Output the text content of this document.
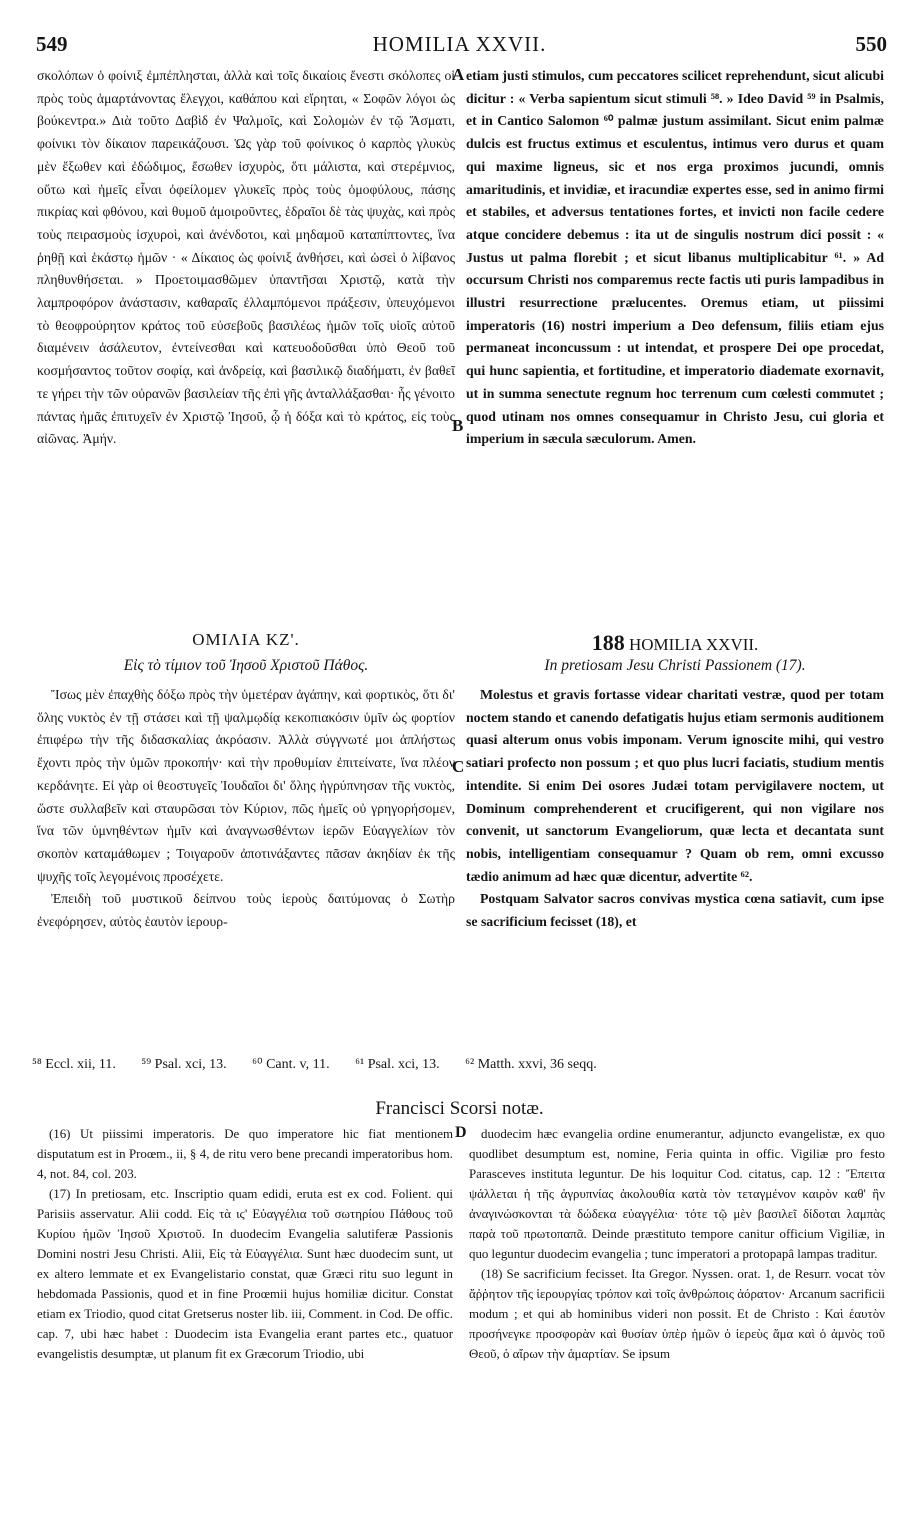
549	HOMILIA XXVII.	550

σκολόπων ὁ φοίνιξ ἐμπέπλησται, ἀλλὰ καὶ τοῖς δικαίοις ἔνεστι σκόλοπες οἱ πρὸς τοὺς ἁμαρτάνοντας ἔλεγχοι, καθάπου καὶ εἴρηται, « Σοφῶν λόγοι ὡς βούκεντρα.» Διὰ τοῦτο Δαβὶδ ἐν Ψαλμοῖς, καὶ Σολομὼν ἐν τῷ Ἄσματι, φοίνικι τὸν δίκαιον παρεικάζουσι. Ὡς γὰρ τοῦ φοίνικος ὁ καρπὸς γλυκὺς μὲν ἔξωθεν καὶ ἐδώδιμος, ἔσωθεν ἰσχυρὸς, ὅτι μάλιστα, καὶ στερέμνιος, οὕτω καὶ ἡμεῖς εἶναι ὀφείλομεν γλυκεῖς πρὸς τοὺς ὁμοφύλους, πάσης πικρίας καὶ φθόνου, καὶ θυμοῦ ἀμοιροῦντες, ἑδραῖοι δὲ τὰς ψυχὰς, καὶ πρὸς τοὺς πειρασμοὺς ἰσχυροὶ, καὶ ἀνένδοτοι, καὶ μηδαμοῦ καταπίπτοντες, ἵνα ῥηθῇ καὶ ἑκάστῳ ἡμῶν · « Δίκαιος ὡς φοίνιξ ἀνθήσει, καὶ ὡσεὶ ὁ λίβανος πληθυνθήσεται. » Προετοιμασθῶμεν ὑπαντῆσαι Χριστῷ, κατὰ τὴν λαμπροφόρον ἀνάστασιν, καθαραῖς ἐλλαμπόμενοι πράξεσιν, ὑπευχόμενοι τὸ θεοφρούρητον κράτος τοῦ εὐσεβοῦς βασιλέως ἡμῶν τοῖς υἱοῖς αὐτοῦ διαμένειν ἀσάλευτον, ἐντείνεσθαι καὶ κατευοδοῦσθαι ὑπὸ Θεοῦ τοῦ κοσμήσαντος τοῦτον σοφίᾳ, καὶ ἀνδρείᾳ, καὶ βασιλικῷ διαδήματι, ἐν βαθεῖ τε γήρει τὴν τῶν οὐρανῶν βασιλείαν τῆς ἐπὶ γῆς ἀνταλλάξασθαι· ἧς γένοιτο πάντας ἡμᾶς ἐπιτυχεῖν ἐν Χριστῷ Ἰησοῦ, ᾧ ἡ δόξα καὶ τὸ κράτος, εἰς τοὺς αἰῶνας. Ἀμήν.

A etiam justi stimulos, cum peccatores scilicet reprehendunt, sicut alicubi dicitur : « Verba sapientum sicut stimuli ⁵⁸. » Ideo David ⁵⁹ in Psalmis, et in Cantico Salomon ⁶⁰ palmæ justum assimilant. Sicut enim palmæ dulcis est fructus extimus et esculentus, intimus vero durus et quam qui maxime ligneus, sic et nos erga proximos jucundi, omnis amaritudinis, et invidiæ, et iracundiæ expertes esse, sed in animo firmi et stabiles, et adversus tentationes fortes, et invicti non facile cedere atque concidere debemus : ita ut de singulis nostrum dici possit : « Justus ut palma florebit ; et sicut libanus multiplicabitur ⁶¹. » Ad occursum Christi nos comparemus recte factis uti puris lampadibus in illustri resurrectione prælucentes. Oremus etiam, ut piissimi imperatoris (16) nostri imperium a Deo defensum, filiis etiam ejus permaneat inconcussum : ut intendat, et prospere Dei ope procedat, qui hunc sapientia, et fortitudine, et imperatorio diademate exornavit, ut in summa senectute regnum hoc terrenum cum cœlesti commutet ; quod utinam nos omnes consequamur in Christo Jesu, cui gloria et imperium in sæcula sæculorum. Amen.

B
ΟΜΙΛΙΑ ΚΖ'.	188 HOMILIA XXVII.
Εἰς τὸ τίμιον τοῦ Ἰησοῦ Χριστοῦ Πάθος.	In pretiosam Jesu Christi Passionem (17).

Ἴσως μὲν ἐπαχθὴς δόξω πρὸς τὴν ὑμετέραν ἀγάπην, καὶ φορτικὸς, ὅτι δι' ὅλης νυκτὸς ἐν τῇ στάσει καὶ τῇ ψαλμῳδίᾳ κεκοπιακόσιν ὑμῖν ὡς φορτίον ἐπιφέρω τὴν τῆς διδασκαλίας ἀκρόασιν. Ἀλλὰ σύγγνωτέ μοι ἀπλήστως ἔχοντι πρὸς τὴν ὑμῶν προκοπήν· καὶ τὴν προθυμίαν ἐπιτείνατε, ἵνα πλέον κερδάνητε. Εἰ γὰρ οἱ θεοστυγεῖς Ἰουδαῖοι δι' ὅλης ἠγρύπνησαν τῆς νυκτὸς, ὥστε συλλαβεῖν καὶ σταυρῶσαι τὸν Κύριον, πῶς ἡμεῖς οὐ γρηγορήσομεν, ἵνα τῶν ὑμνηθέντων ἡμῖν καὶ ἀναγνωσθέντων ἱερῶν Εὐαγγελίων τὸν σκοπὸν καταμάθωμεν ; Τοιγαροῦν ἀποτινάξαντες πᾶσαν ἀκηδίαν ἐκ τῆς ψυχῆς τοῖς λεγομένοις προσέχετε.

Ἐπειδὴ τοῦ μυστικοῦ δείπνου τοὺς ἱεροὺς δαιτύμονας ὁ Σωτὴρ ἐνεφόρησεν, αὐτὸς ἑαυτὸν ἱερουρ-

C

Molestus et gravis fortasse videar charitati vestræ, quod per totam noctem stando et canendo defatigatis hujus etiam sermonis auditionem quasi alterum onus vobis imponam. Verum ignoscite mihi, qui vestro satiari profecto non possum ; et quo plus lucri faciatis, studium mentis intendite. Si enim Dei osores Judæi totam pervigilavere noctem, ut Dominum comprehenderent et crucifigerent, qui non vigilare nos convenit, ut sanctorum Evangeliorum, quæ lecta et decantata sunt nobis, intelligentiam consequamur ? Quam ob rem, omni excusso tædio animum ad hæc quæ dicentur, advertite ⁶².

Postquam Salvator sacros convivas mystica cœna satiavit, cum ipse se sacrificium fecisset (18), et

⁵⁸ Eccl. xii, 11. ⁵⁹ Psal. xci, 13. ⁶⁰ Cant. v, 11. ⁶¹ Psal. xci, 13. ⁶² Matth. xxvi, 36 seqq.
Francisci Scorsi notæ.

(16) Ut piissimi imperatoris. De quo imperatore hic fiat mentionem disputatum est in Proœm., ii, § 4, de ritu vero bene precandi imperatoribus hom. 4, not. 84, col. 203.

(17) In pretiosam, etc. Inscriptio quam edidi, eruta est ex cod. Folient. qui Parisiis asservatur. Alii codd. Εἰς τὰ ιϛ' Εὐαγγέλια τοῦ σωτηρίου Πάθους τοῦ Κυρίου ἡμῶν Ἰησοῦ Χριστοῦ. In duodecim Evangelia salutiferæ Passionis Domini nostri Jesu Christi. Alii, Εἰς τὰ Εὐαγγέλια. Sunt hæc duodecim sunt, ut ex altero lemmate et ex Evangelistario constat, quæ Græci ritu suo legunt in hebdomada Passionis, quod et in fine Proœmii hujus homiliæ dicitur. Constat etiam ex Triodio, quod citat Gretserus noster lib. iii, Comment. in Cod. De offic. cap. 7, ubi hæc habet : Duodecim ista Evangelia erant partes etc., quatuor evangelistis desumptæ, ut planum fit ex Græcorum Triodio, ubi

D	duodecim hæc evangelia ordine enumerantur, adjuncto evangelistæ, ex quo quodlibet desumptum est, nomine, Feria quinta in offic. Vigiliæ pro festo Parasceves instituta leguntur. De his loquitur Cod. citatus, cap. 12 : Ἔπειτα ψάλλεται ἡ τῆς ἀγρυπνίας ἀκολουθία κατὰ τὸν τεταγμένον καιρὸν καθ' ἣν ἀναγινώσκονται τὰ δώδεκα εὐαγγέλια· τότε τῷ μὲν βασιλεῖ δίδοται λαμπὰς παρὰ τοῦ πρωτοπαπᾶ. Deinde præstituto tempore canitur officium Vigiliæ, in quo leguntur duodecim evangelia ; tunc imperatori a protopapâ lampas traditur.

(18) Se sacrificium fecisset. Ita Gregor. Nyssen. orat. 1, de Resurr. vocat τὸν ἄῤῥητον τῆς ἱερουργίας τρόπον καὶ τοῖς ἀνθρώποις ἀόρατον· Arcanum sacrificii modum ; et qui ab hominibus videri non possit. Et de Christo : Καὶ ἑαυτὸν προσήνεγκε προσφορὰν καὶ θυσίαν ὑπὲρ ἡμῶν ὁ ἱερεὺς ἅμα καὶ ὁ ἀμνὸς τοῦ Θεοῦ, ὁ αἴρων τὴν ἁμαρτίαν. Se ipsum
